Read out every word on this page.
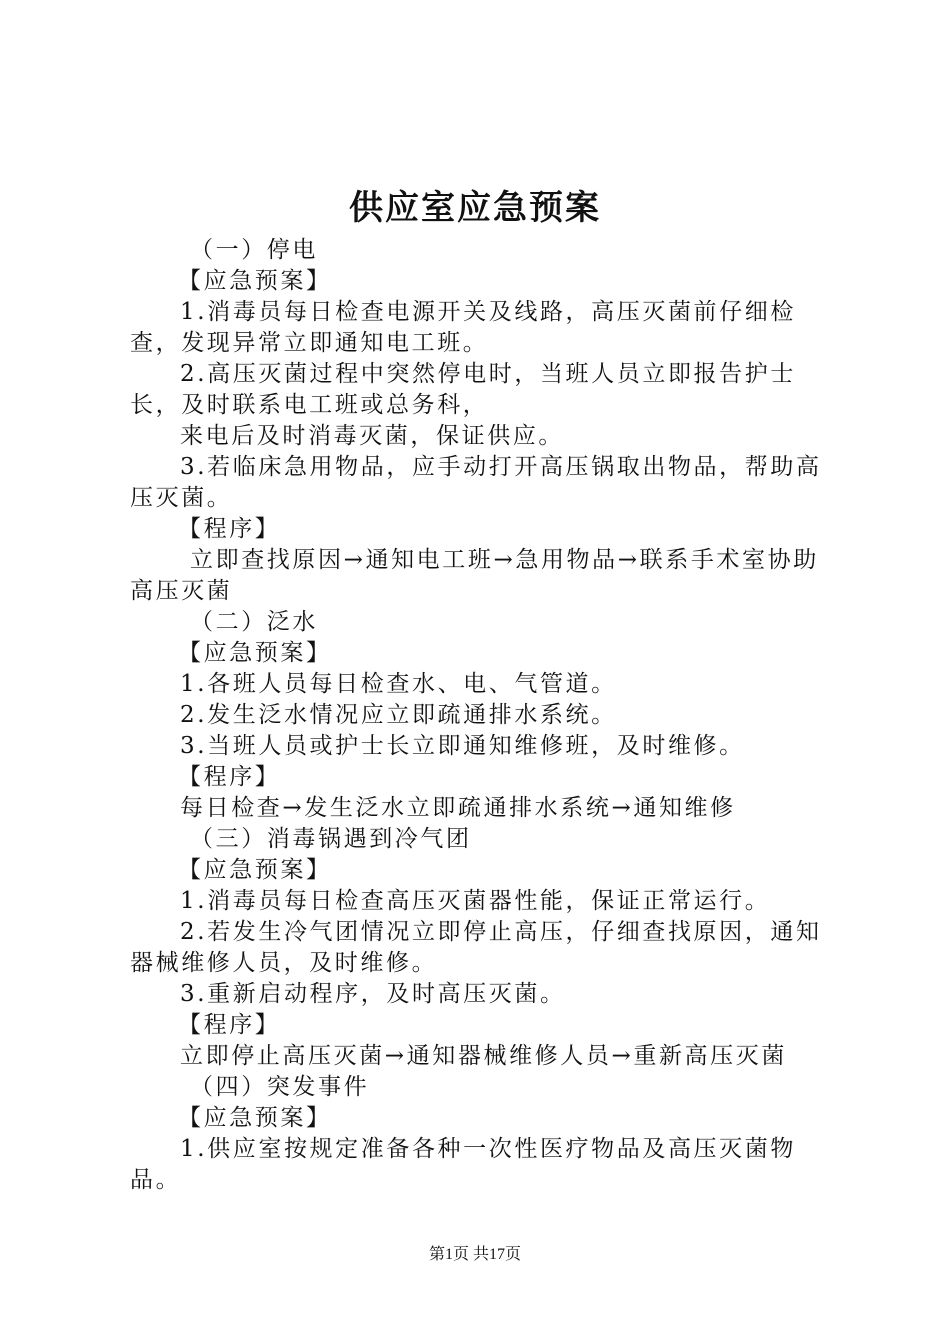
供应室应急预案

（一）停电

【应急预案】

1.消毒员每日检查电源开关及线路，高压灭菌前仔细检查，发现异常立即通知电工班。

2.高压灭菌过程中突然停电时，当班人员立即报告护士长，及时联系电工班或总务科，

来电后及时消毒灭菌，保证供应。

3.若临床急用物品，应手动打开高压锅取出物品，帮助高压灭菌。

【程序】

立即查找原因→通知电工班→急用物品→联系手术室协助高压灭菌

（二）泛水

【应急预案】

1.各班人员每日检查水、电、气管道。

2.发生泛水情况应立即疏通排水系统。

3.当班人员或护士长立即通知维修班，及时维修。

【程序】

每日检查→发生泛水立即疏通排水系统→通知维修

（三）消毒锅遇到冷气团

【应急预案】

1.消毒员每日检查高压灭菌器性能，保证正常运行。

2.若发生冷气团情况立即停止高压，仔细查找原因，通知器械维修人员，及时维修。

3.重新启动程序，及时高压灭菌。

【程序】

立即停止高压灭菌→通知器械维修人员→重新高压灭菌

（四）突发事件

【应急预案】

1.供应室按规定准备各种一次性医疗物品及高压灭菌物品。

第1页 共17页
